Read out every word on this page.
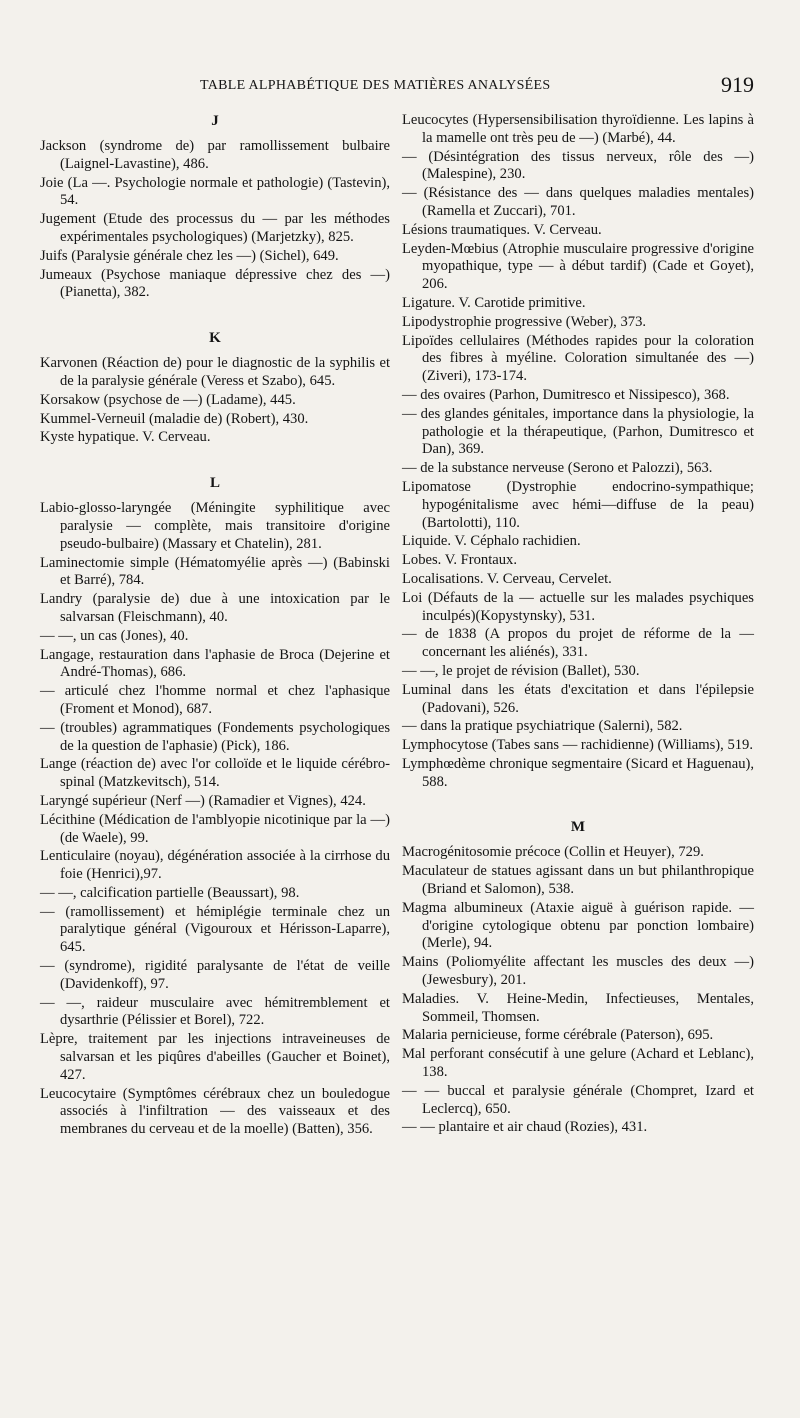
TABLE ALPHABÉTIQUE DES MATIÈRES ANALYSÉES	919
J

Jackson (syndrome de) par ramollissement bulbaire (Laignel-Lavastine), 486.

Joie (La —. Psychologie normale et pathologie) (Tastevin), 54.

Jugement (Etude des processus du — par les méthodes expérimentales psychologiques) (Marjetzky), 825.

Juifs (Paralysie générale chez les —) (Sichel), 649.

Jumeaux (Psychose maniaque dépressive chez des —) (Pianetta), 382.

K

Karvonen (Réaction de) pour le diagnostic de la syphilis et de la paralysie générale (Veress et Szabo), 645.

Korsakow (psychose de —) (Ladame), 445.

Kummel-Verneuil (maladie de) (Robert), 430.

Kyste hypatique. V. Cerveau.

L

Labio-glosso-laryngée (Méningite syphilitique avec paralysie — complète, mais transitoire d'origine pseudo-bulbaire) (Massary et Chatelin), 281.

Laminectomie simple (Hématomyélie après —) (Babinski et Barré), 784.

Landry (paralysie de) due à une intoxication par le salvarsan (Fleischmann), 40.

— —, un cas (Jones), 40.

Langage, restauration dans l'aphasie de Broca (Dejerine et André-Thomas), 686.

— articulé chez l'homme normal et chez l'aphasique (Froment et Monod), 687.

— (troubles) agrammatiques (Fondements psychologiques de la question de l'aphasie) (Pick), 186.

Lange (réaction de) avec l'or colloïde et le liquide cérébro-spinal (Matzkevitsch), 514.

Laryngé supérieur (Nerf —) (Ramadier et Vignes), 424.

Lécithine (Médication de l'amblyopie nicotinique par la —)(de Waele), 99.

Lenticulaire (noyau), dégénération associée à la cirrhose du foie (Henrici),97.

— —, calcification partielle (Beaussart), 98.

— (ramollissement) et hémiplégie terminale chez un paralytique général (Vigouroux et Hérisson-Laparre), 645.

— (syndrome), rigidité paralysante de l'état de veille (Davidenkoff), 97.

— —, raideur musculaire avec hémitremblement et dysarthrie (Pélissier et Borel), 722.

Lèpre, traitement par les injections intraveineuses de salvarsan et les piqûres d'abeilles (Gaucher et Boinet), 427.

Leucocytaire (Symptômes cérébraux chez un bouledogue associés à l'infiltration — des vaisseaux et des membranes du cerveau et de la moelle) (Batten), 356.

Leucocytes (Hypersensibilisation thyroïdienne. Les lapins à la mamelle ont très peu de —) (Marbé), 44.

— (Désintégration des tissus nerveux, rôle des —) (Malespine), 230.

— (Résistance des — dans quelques maladies mentales) (Ramella et Zuccari), 701.

Lésions traumatiques. V. Cerveau.

Leyden-Mœbius (Atrophie musculaire progressive d'origine myopathique, type — à début tardif) (Cade et Goyet), 206.

Ligature. V. Carotide primitive.

Lipodystrophie progressive (Weber), 373.

Lipoïdes cellulaires (Méthodes rapides pour la coloration des fibres à myéline. Coloration simultanée des —) (Ziveri), 173-174.

— des ovaires (Parhon, Dumitresco et Nissipesco), 368.

— des glandes génitales, importance dans la physiologie, la pathologie et la thérapeutique, (Parhon, Dumitresco et Dan), 369.

— de la substance nerveuse (Serono et Palozzi), 563.

Lipomatose (Dystrophie endocrino-sympathique; hypogénitalisme avec hémi—diffuse de la peau) (Bartolotti), 110.

Liquide. V. Céphalo rachidien.

Lobes. V. Frontaux.

Localisations. V. Cerveau, Cervelet.

Loi (Défauts de la — actuelle sur les malades psychiques inculpés)(Kopystynsky), 531.

— de 1838 (A propos du projet de réforme de la — concernant les aliénés), 331.

— —, le projet de révision (Ballet), 530.

Luminal dans les états d'excitation et dans l'épilepsie (Padovani), 526.

— dans la pratique psychiatrique (Salerni), 582.

Lymphocytose (Tabes sans — rachidienne) (Williams), 519.

Lymphœdème chronique segmentaire (Sicard et Haguenau), 588.

M

Macrogénitosomie précoce (Collin et Heuyer), 729.

Maculateur de statues agissant dans un but philanthropique (Briand et Salomon), 538.

Magma albumineux (Ataxie aiguë à guérison rapide. — d'origine cytologique obtenu par ponction lombaire)(Merle), 94.

Mains (Poliomyélite affectant les muscles des deux —) (Jewesbury), 201.

Maladies. V. Heine-Medin, Infectieuses, Mentales, Sommeil, Thomsen.

Malaria pernicieuse, forme cérébrale (Paterson), 695.

Mal perforant consécutif à une gelure (Achard et Leblanc), 138.

— — buccal et paralysie générale (Chompret, Izard et Leclercq), 650.

— — plantaire et air chaud (Rozies), 431.
